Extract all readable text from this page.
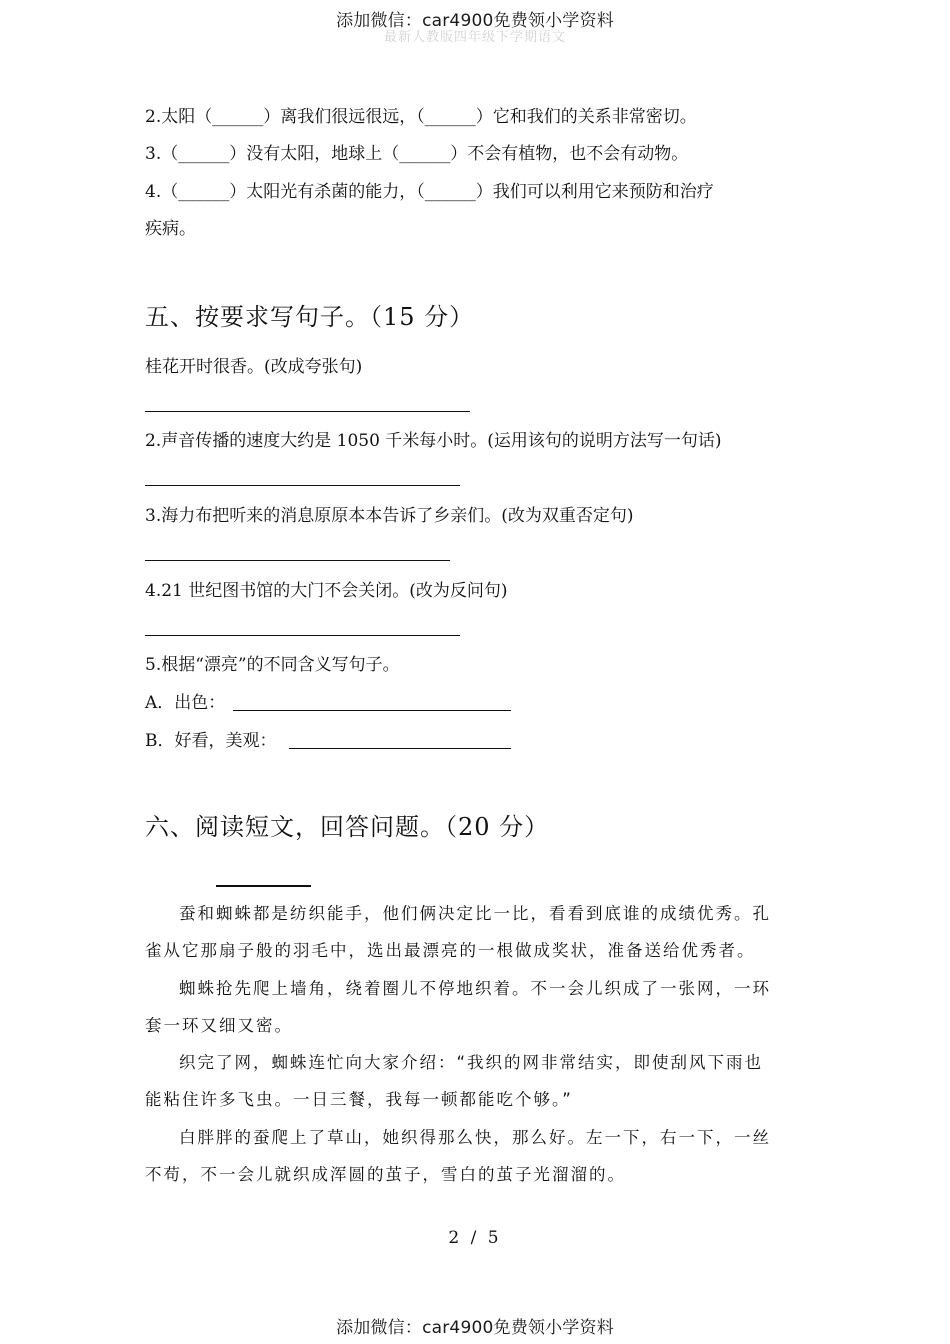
添加微信：car4900免费领小学资料
最新人教版四年级下学期语文
2.太阳（______）离我们很远很远，（______）它和我们的关系非常密切。
3.（______）没有太阳，地球上（______）不会有植物，也不会有动物。
4.（______）太阳光有杀菌的能力，（______）我们可以利用它来预防和治疗
疾病。
五、按要求写句子。（15 分）
桂花开时很香。(改成夸张句)
2.声音传播的速度大约是 1050 千米每小时。(运用该句的说明方法写一句话)
3.海力布把听来的消息原原本本告诉了乡亲们。(改为双重否定句)
4.21 世纪图书馆的大门不会关闭。(改为反问句)
5.根据“漂亮”的不同含义写句子。
A．出色：
B．好看，美观：
六、阅读短文，回答问题。（20 分）
蚕和蜘蛛都是纺织能手，他们俩决定比一比，看看到底谁的成绩优秀。孔
雀从它那扇子般的羽毛中，选出最漂亮的一根做成奖状，准备送给优秀者。
蜘蛛抢先爬上墙角，绕着圈儿不停地织着。不一会儿织成了一张网，一环
套一环又细又密。
织完了网，蜘蛛连忙向大家介绍：“我织的网非常结实，即使刮风下雨也
能粘住许多飞虫。一日三餐，我每一顿都能吃个够。”
白胖胖的蚕爬上了草山，她织得那么快，那么好。左一下，右一下，一丝
不苟，不一会儿就织成浑圆的茧子，雪白的茧子光溜溜的。
2 / 5
添加微信：car4900免费领小学资料
